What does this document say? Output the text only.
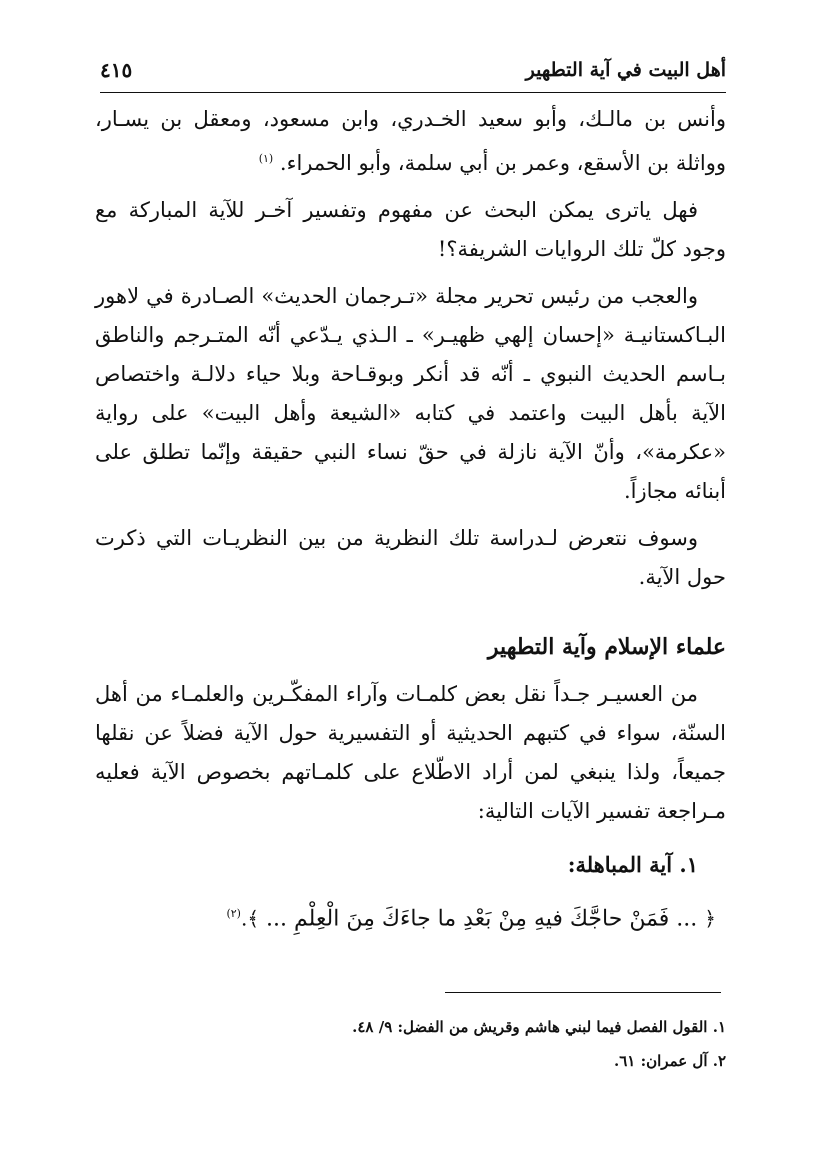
أهل البيت في آية التطهير
٤١٥

وأنس بن مالـك، وأبو سعيد الخـدري، وابن مسعود، ومعقل بن يسـار، وواثلة بن الأسقع، وعمر بن أبي سلمة، وأبو الحمراء. $^{(١)}$

فهل ياترى يمكن البحث عن مفهوم وتفسير آخـر للآية المباركة مع وجود كلّ تلك الروايات الشريفة؟!

والعجب من رئيس تحرير مجلة «تـرجمان الحديث» الصـادرة في لاهور البـاكستانيـة «إحسان إلهي ظهيـر» ـ الـذي يـدّعي أنّه المتـرجم والناطق بـاسم الحديث النبوي ـ أنّه قد أنكر وبوقـاحة وبلا حياء دلالـة واختصاص الآية بأهل البيت واعتمد في كتابه «الشيعة وأهل البيت» على رواية «عكرمة»، وأنّ الآية نازلة في حقّ نساء النبي حقيقة وإنّما تطلق على أبنائه مجازاً.

وسوف نتعرض لـدراسة تلك النظرية من بين النظريـات التي ذكرت حول الآية.

علماء الإسلام وآية التطهير

من العسيـر جـداً نقل بعض كلمـات وآراء المفكّـرين والعلمـاء من أهل السنّة، سواء في كتبهم الحديثية أو التفسيرية حول الآية فضلاً عن نقلها جميعاً، ولذا ينبغي لمن أراد الاطّلاع على كلمـاتهم بخصوص الآية فعليه مـراجعة تفسير الآيات التالية:

١. آية المباهلة:
﴿ ... فَمَنْ حاجَّكَ فيهِ مِنْ بَعْدِ ما جاءَكَ مِنَ الْعِلْمِ ... ﴾.$^{(٢)}$
١. القول الفصل فيما لبني هاشم وقريش من الفضل: ٩/ ٤٨.
٢. آل عمران: ٦١.
